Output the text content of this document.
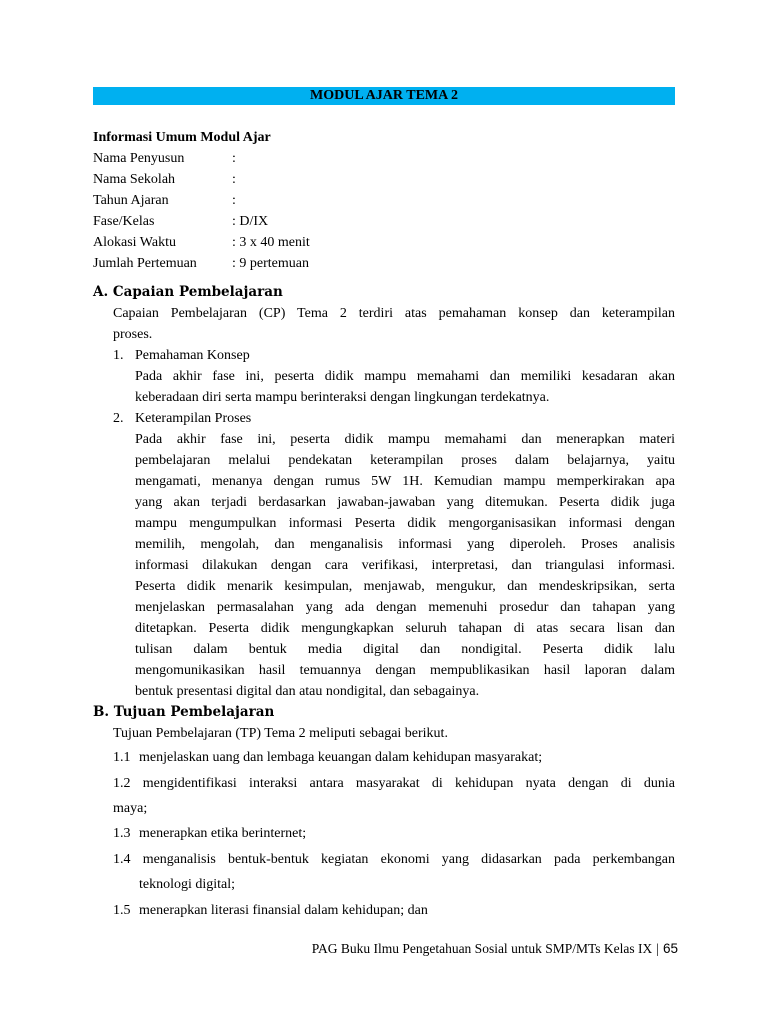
MODUL AJAR TEMA 2
Informasi Umum Modul Ajar
Nama Penyusun	:
Nama Sekolah	:
Tahun Ajaran	:
Fase/Kelas	: D/IX
Alokasi Waktu	: 3 x 40 menit
Jumlah Pertemuan	: 9 pertemuan
A. Capaian Pembelajaran
Capaian Pembelajaran (CP) Tema 2 terdiri atas pemahaman konsep dan keterampilan
proses.
1. Pemahaman Konsep
Pada akhir fase ini, peserta didik mampu memahami dan memiliki kesadaran akan
keberadaan diri serta mampu berinteraksi dengan lingkungan terdekatnya.
2. Keterampilan Proses
Pada akhir fase ini, peserta didik mampu memahami dan menerapkan materi
pembelajaran melalui pendekatan keterampilan proses dalam belajarnya, yaitu
mengamati, menanya dengan rumus 5W 1H. Kemudian mampu memperkirakan apa
yang akan terjadi berdasarkan jawaban-jawaban yang ditemukan. Peserta didik juga
mampu mengumpulkan informasi Peserta didik mengorganisasikan informasi dengan
memilih, mengolah, dan menganalisis informasi yang diperoleh. Proses analisis
informasi dilakukan dengan cara verifikasi, interpretasi, dan triangulasi informasi.
Peserta didik menarik kesimpulan, menjawab, mengukur, dan mendeskripsikan, serta
menjelaskan permasalahan yang ada dengan memenuhi prosedur dan tahapan yang
ditetapkan. Peserta didik mengungkapkan seluruh tahapan di atas secara lisan dan
tulisan dalam bentuk media digital dan nondigital. Peserta didik lalu
mengomunikasikan hasil temuannya dengan mempublikasikan hasil laporan dalam
bentuk presentasi digital dan atau nondigital, dan sebagainya.
B. Tujuan Pembelajaran
Tujuan Pembelajaran (TP) Tema 2 meliputi sebagai berikut.
1.1 menjelaskan uang dan lembaga keuangan dalam kehidupan masyarakat;
1.2 mengidentifikasi interaksi antara masyarakat di kehidupan nyata dengan di dunia
maya;
1.3 menerapkan etika berinternet;
1.4 menganalisis bentuk-bentuk kegiatan ekonomi yang didasarkan pada perkembangan
teknologi digital;
1.5 menerapkan literasi finansial dalam kehidupan; dan
PAG Buku Ilmu Pengetahuan Sosial untuk SMP/MTs Kelas IX | 65
